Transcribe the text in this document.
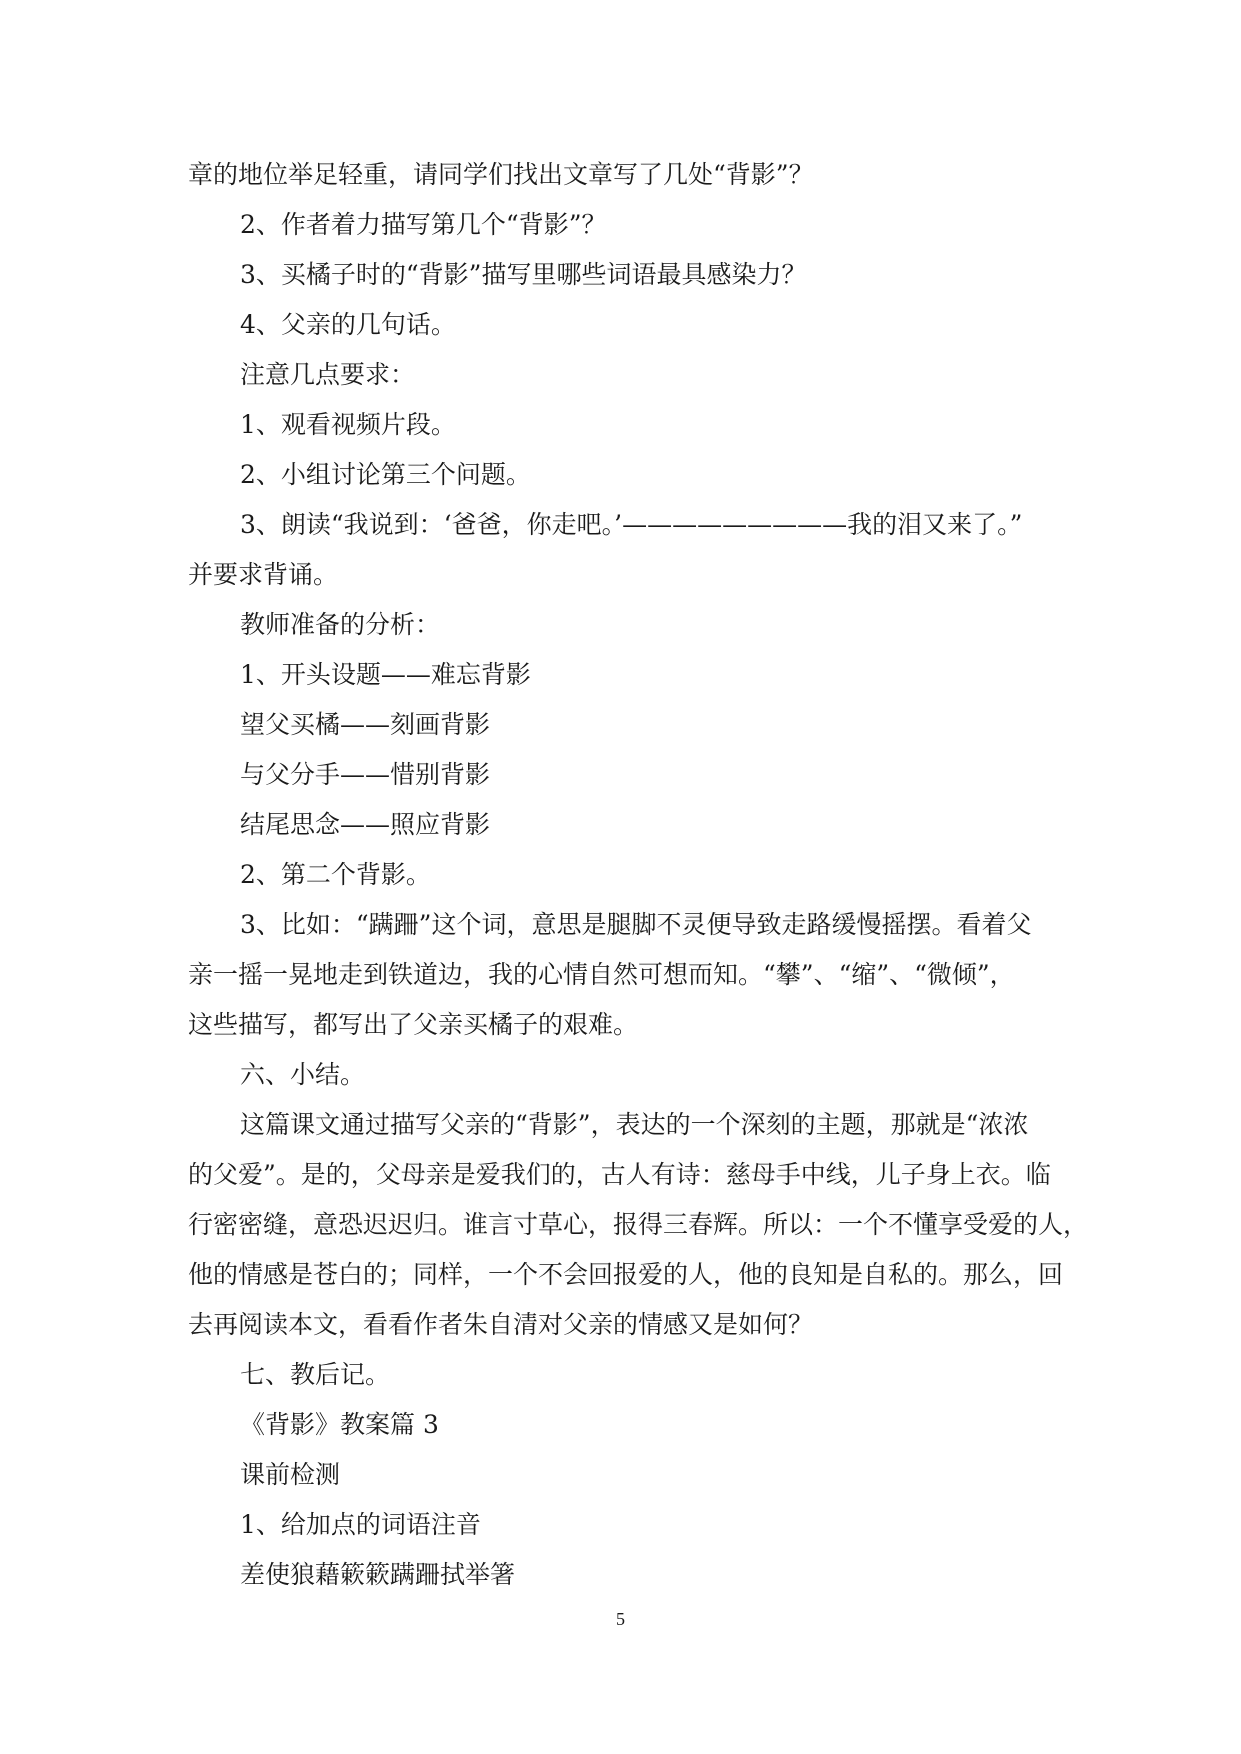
章的地位举足轻重，请同学们找出文章写了几处“背影”？
2、作者着力描写第几个“背影”？
3、买橘子时的“背影”描写里哪些词语最具感染力？
4、父亲的几句话。
注意几点要求：
1、观看视频片段。
2、小组讨论第三个问题。
3、朗读“我说到：‘爸爸，你走吧。’—————————我的泪又来了。”
并要求背诵。
教师准备的分析：
1、开头设题——难忘背影
望父买橘——刻画背影
与父分手——惜别背影
结尾思念——照应背影
2、第二个背影。
3、比如：“蹒跚”这个词，意思是腿脚不灵便导致走路缓慢摇摆。看着父
亲一摇一晃地走到铁道边，我的心情自然可想而知。“攀”、“缩”、“微倾”，
这些描写，都写出了父亲买橘子的艰难。
六、小结。
这篇课文通过描写父亲的“背影”，表达的一个深刻的主题，那就是“浓浓
的父爱”。是的，父母亲是爱我们的，古人有诗：慈母手中线，儿子身上衣。临
行密密缝，意恐迟迟归。谁言寸草心，报得三春辉。所以：一个不懂享受爱的人，
他的情感是苍白的；同样，一个不会回报爱的人，他的良知是自私的。那么，回
去再阅读本文，看看作者朱自清对父亲的情感又是如何？
七、教后记。
《背影》教案篇 3
课前检测
1、给加点的词语注音
差使狼藉簌簌蹒跚拭举箸
5
